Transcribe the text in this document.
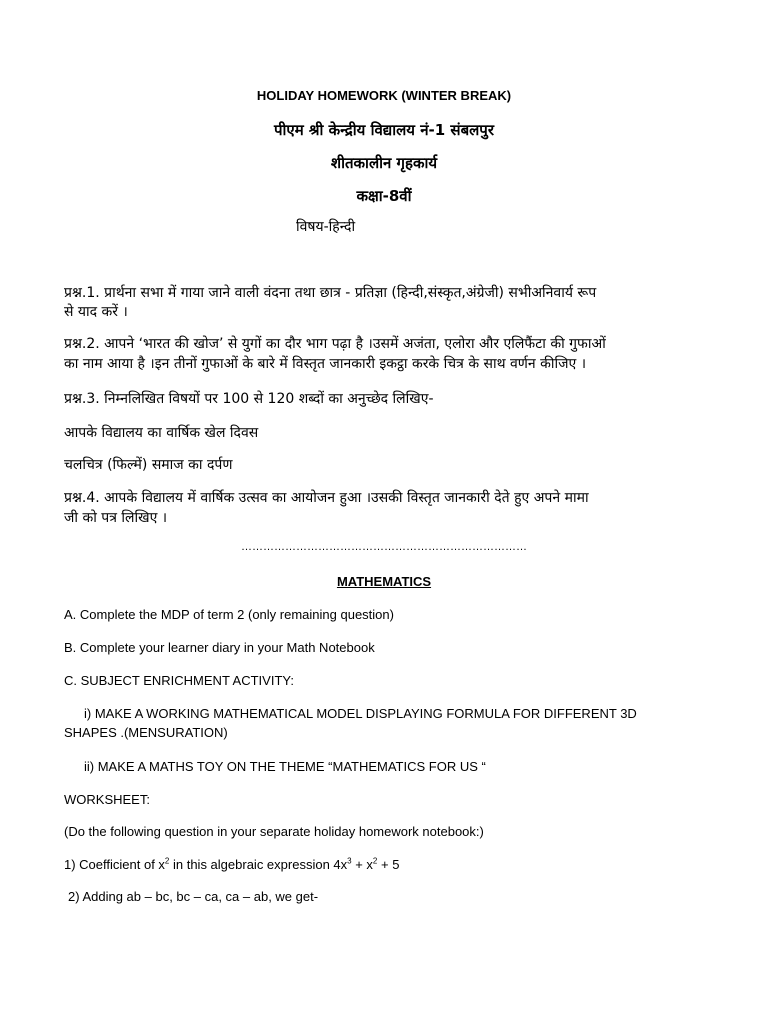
HOLIDAY HOMEWORK (WINTER BREAK)
पीएम श्री केन्द्रीय विद्यालय नं-1 संबलपुर
शीतकालीन गृहकार्य
कक्षा-8वीं
विषय-हिन्दी
प्रश्न.1. प्रार्थना सभा में गाया जाने वाली वंदना तथा छात्र - प्रतिज्ञा (हिन्दी,संस्कृत,अंग्रेजी) सभीअनिवार्य रूप
से याद करें ।
प्रश्न.2. आपने ‘भारत की खोज’ से युगों का दौर भाग पढ़ा है ।उसमें अजंता, एलोरा और एलिफैंटा की गुफाओं
का नाम आया है ।इन तीनों गुफाओं के बारे में विस्तृत जानकारी इकट्ठा करके चित्र के साथ वर्णन कीजिए ।
प्रश्न.3. निम्नलिखित विषयों पर 100 से 120 शब्दों का अनुच्छेद लिखिए-
आपके विद्यालय का वार्षिक खेल दिवस
चलचित्र (फिल्में) समाज का दर्पण
प्रश्न.4. आपके विद्यालय में वार्षिक उत्सव का आयोजन हुआ ।उसकी विस्तृत जानकारी देते हुए अपने मामा
जी को पत्र लिखिए ।
……………………………………………………………………
MATHEMATICS
A. Complete the MDP of term 2 (only remaining question)
B. Complete your learner diary in your Math Notebook
C. SUBJECT ENRICHMENT ACTIVITY:
i) MAKE A WORKING MATHEMATICAL MODEL DISPLAYING FORMULA FOR DIFFERENT 3D
SHAPES .(MENSURATION)
ii) MAKE A MATHS TOY ON THE THEME “MATHEMATICS FOR US “
WORKSHEET:
(Do the following question in your separate holiday homework notebook:)
1) Coefficient of $x^2$ in this algebraic expression $4x^3 + x^2 + 5$
2) Adding ab – bc, bc – ca, ca – ab, we get-
